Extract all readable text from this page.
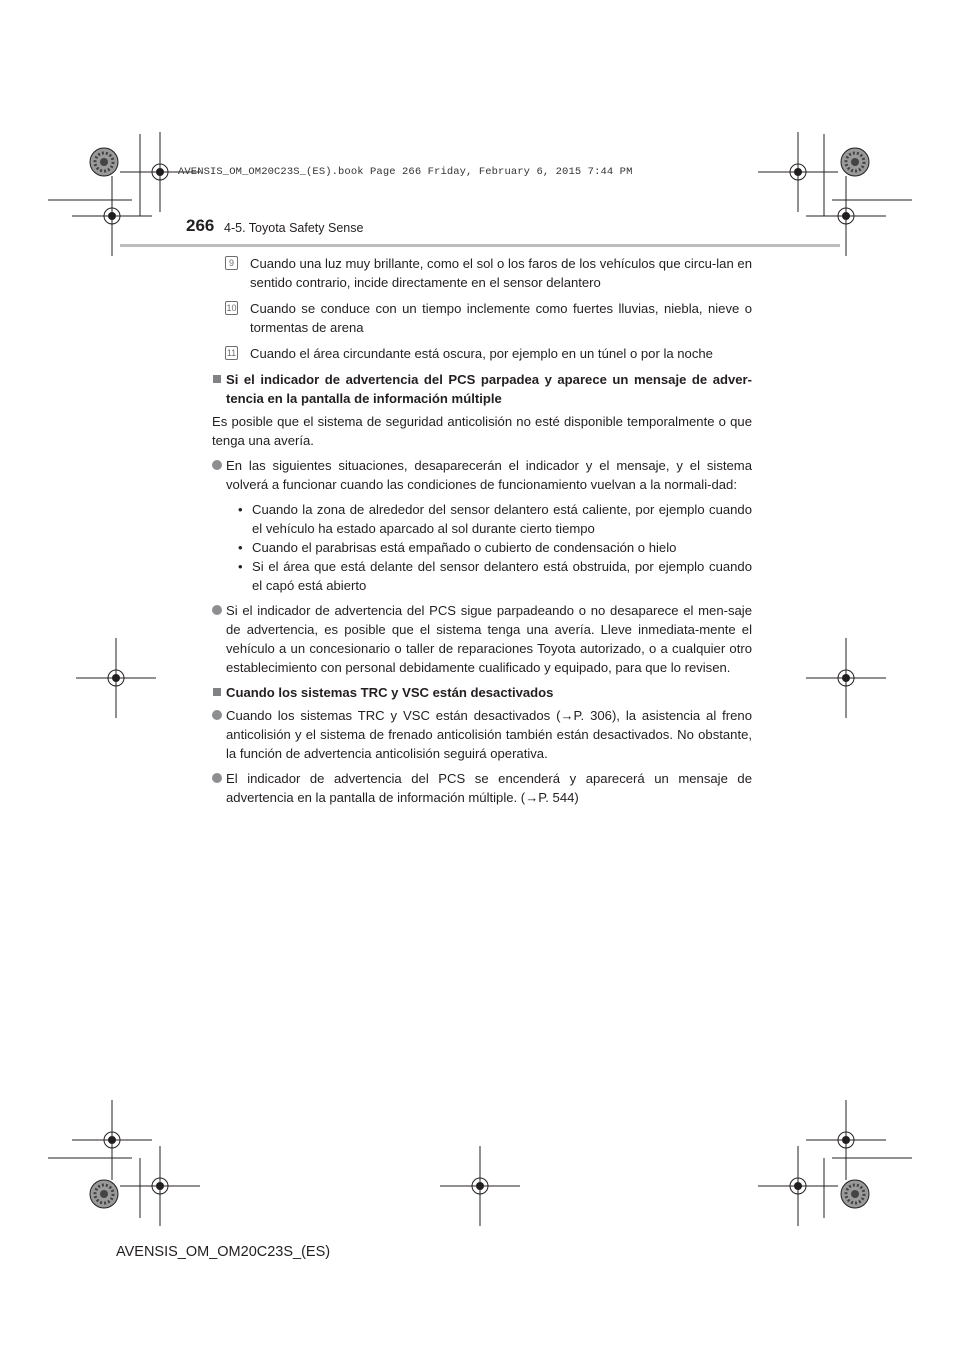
AVENSIS_OM_OM20C23S_(ES).book Page 266 Friday, February 6, 2015 7:44 PM
266 4-5. Toyota Safety Sense
9	Cuando una luz muy brillante, como el sol o los faros de los vehículos que circu-lan en sentido contrario, incide directamente en el sensor delantero
10 Cuando se conduce con un tiempo inclemente como fuertes lluvias, niebla, nieve o tormentas de arena
11 Cuando el área circundante está oscura, por ejemplo en un túnel o por la noche
Si el indicador de advertencia del PCS parpadea y aparece un mensaje de adver-tencia en la pantalla de información múltiple
Es posible que el sistema de seguridad anticolisión no esté disponible temporalmente o que tenga una avería.
En las siguientes situaciones, desaparecerán el indicador y el mensaje, y el sistema volverá a funcionar cuando las condiciones de funcionamiento vuelvan a la normali-dad:
• Cuando la zona de alrededor del sensor delantero está caliente, por ejemplo cuando el vehículo ha estado aparcado al sol durante cierto tiempo
• Cuando el parabrisas está empañado o cubierto de condensación o hielo
• Si el área que está delante del sensor delantero está obstruida, por ejemplo cuando el capó está abierto
Si el indicador de advertencia del PCS sigue parpadeando o no desaparece el men-saje de advertencia, es posible que el sistema tenga una avería. Lleve inmediata-mente el vehículo a un concesionario o taller de reparaciones Toyota autorizado, o a cualquier otro establecimiento con personal debidamente cualificado y equipado, para que lo revisen.
Cuando los sistemas TRC y VSC están desactivados
Cuando los sistemas TRC y VSC están desactivados (→P. 306), la asistencia al freno anticolisión y el sistema de frenado anticolisión también están desactivados. No obstante, la función de advertencia anticolisión seguirá operativa.
El indicador de advertencia del PCS se encenderá y aparecerá un mensaje de advertencia en la pantalla de información múltiple. (→P. 544)
AVENSIS_OM_OM20C23S_(ES)
